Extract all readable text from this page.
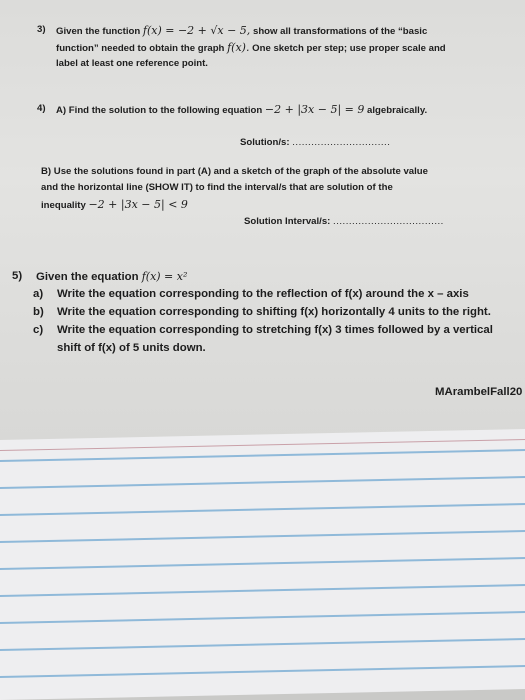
3) Given the function f(x) = −2 + √x − 5, show all transformations of the “basic
function” needed to obtain the graph f(x). One sketch per step; use proper scale and
label at least one reference point.
4) A) Find the solution to the following equation −2 + |3x − 5| = 9 algebraically.
Solution/s: ...............................
B) Use the solutions found in part (A) and a sketch of the graph of the absolute value
and the horizontal line (SHOW IT) to find the interval/s that are solution of the
inequality −2 + |3x − 5| < 9
Solution Interval/s: ...................................
5) Given the equation f(x) = x²
a) Write the equation corresponding to the reflection of f(x) around the x – axis
b) Write the equation corresponding to shifting f(x) horizontally 4 units to the right.
c) Write the equation corresponding to stretching f(x) 3 times followed by a vertical
shift of f(x) of 5 units down.
MArambelFall20
